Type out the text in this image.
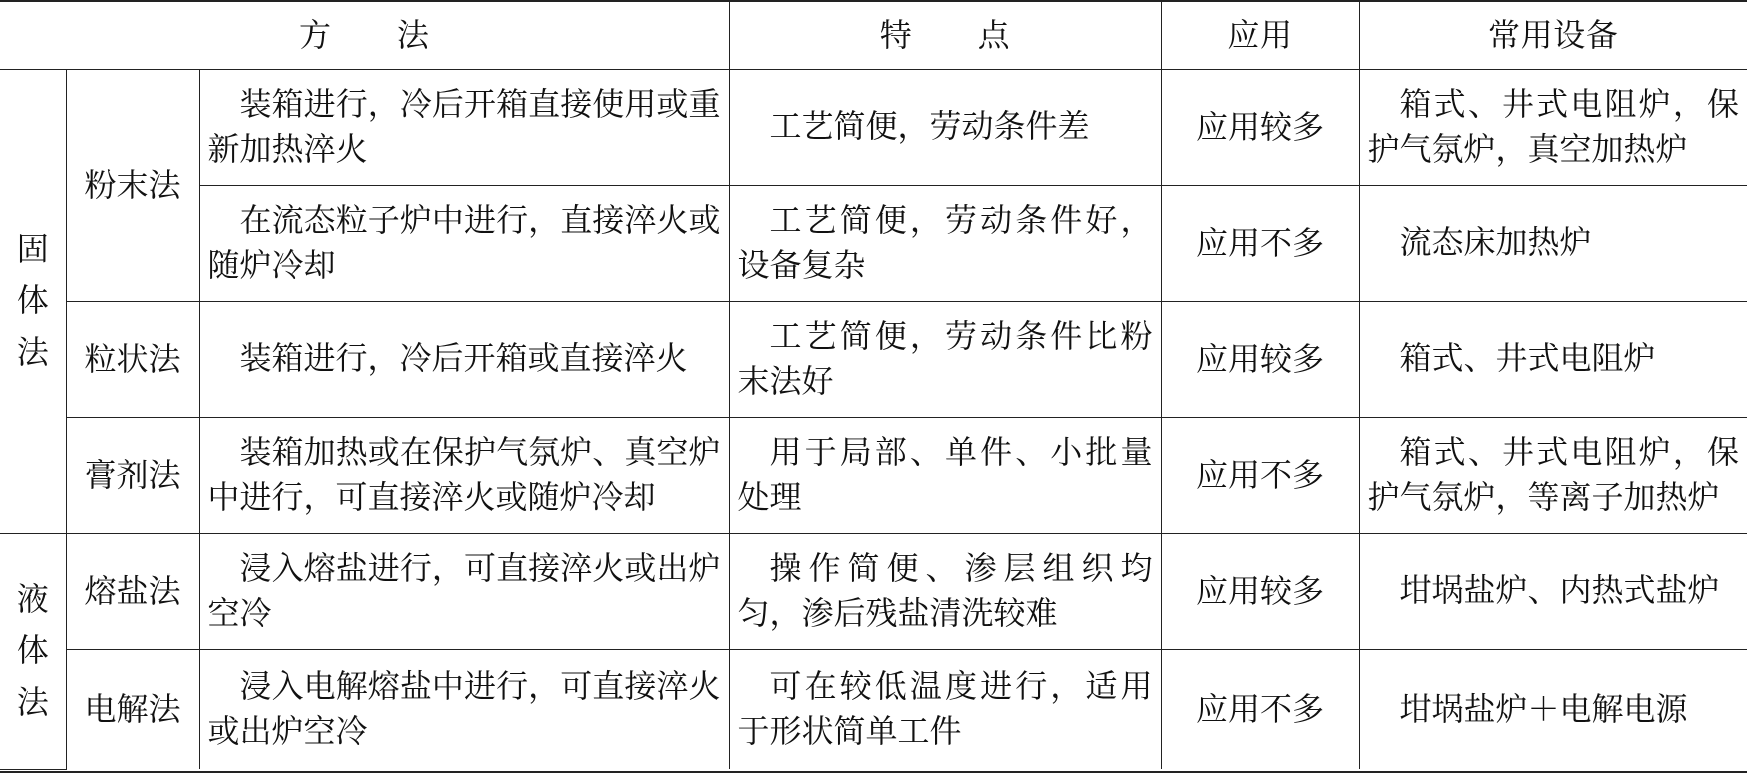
方　　法			特　　点	应用	常用设备
固体法	粉末法	装箱进行，冷后开箱直接使用或重新加热淬火	工艺简便，劳动条件差	应用较多	箱式、井式电阻炉，保护气氛炉，真空加热炉

		在流态粒子炉中进行，直接淬火或随炉冷却	工艺简便，劳动条件好，设备复杂	应用不多	流态床加热炉

	粒状法	装箱进行，冷后开箱或直接淬火	工艺简便，劳动条件比粉末法好	应用较多	箱式、井式电阻炉

	膏剂法	装箱加热或在保护气氛炉、真空炉中进行，可直接淬火或随炉冷却	用于局部、单件、小批量处理	应用不多	箱式、井式电阻炉，保护气氛炉，等离子加热炉

液体法	熔盐法	浸入熔盐进行，可直接淬火或出炉空冷	操作简便、渗层组织均匀，渗后残盐清洗较难	应用较多	坩埚盐炉、内热式盐炉

	电解法	浸入电解熔盐中进行，可直接淬火或出炉空冷	可在较低温度进行，适用于形状简单工件	应用不多	坩埚盐炉＋电解电源
